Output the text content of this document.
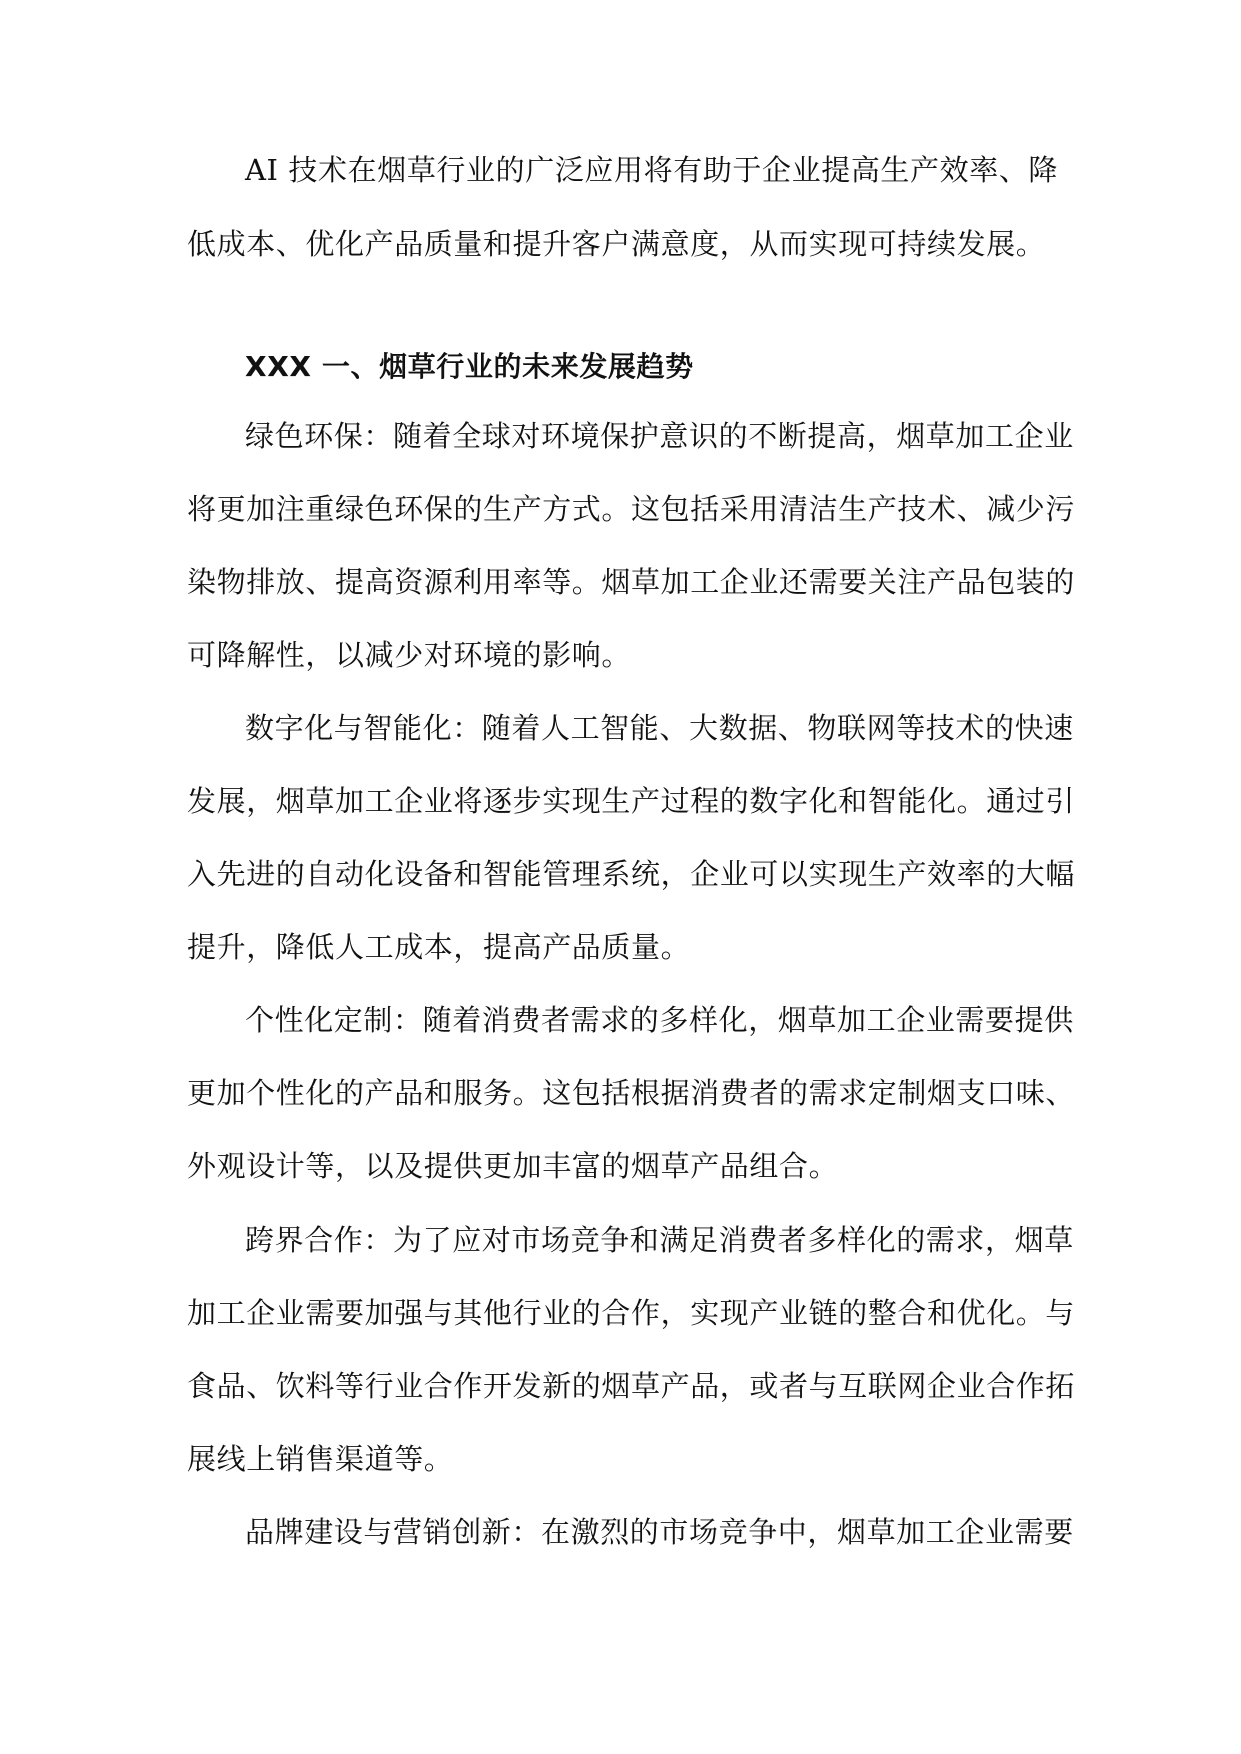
AI 技术在烟草行业的广泛应用将有助于企业提高生产效率、降
低成本、优化产品质量和提升客户满意度，从而实现可持续发展。
XXX 一、烟草行业的未来发展趋势
绿色环保：随着全球对环境保护意识的不断提高，烟草加工企业
将更加注重绿色环保的生产方式。这包括采用清洁生产技术、减少污
染物排放、提高资源利用率等。烟草加工企业还需要关注产品包装的
可降解性，以减少对环境的影响。
数字化与智能化：随着人工智能、大数据、物联网等技术的快速
发展，烟草加工企业将逐步实现生产过程的数字化和智能化。通过引
入先进的自动化设备和智能管理系统，企业可以实现生产效率的大幅
提升，降低人工成本，提高产品质量。
个性化定制：随着消费者需求的多样化，烟草加工企业需要提供
更加个性化的产品和服务。这包括根据消费者的需求定制烟支口味、
外观设计等，以及提供更加丰富的烟草产品组合。
跨界合作：为了应对市场竞争和满足消费者多样化的需求，烟草
加工企业需要加强与其他行业的合作，实现产业链的整合和优化。与
食品、饮料等行业合作开发新的烟草产品，或者与互联网企业合作拓
展线上销售渠道等。
品牌建设与营销创新：在激烈的市场竞争中，烟草加工企业需要
